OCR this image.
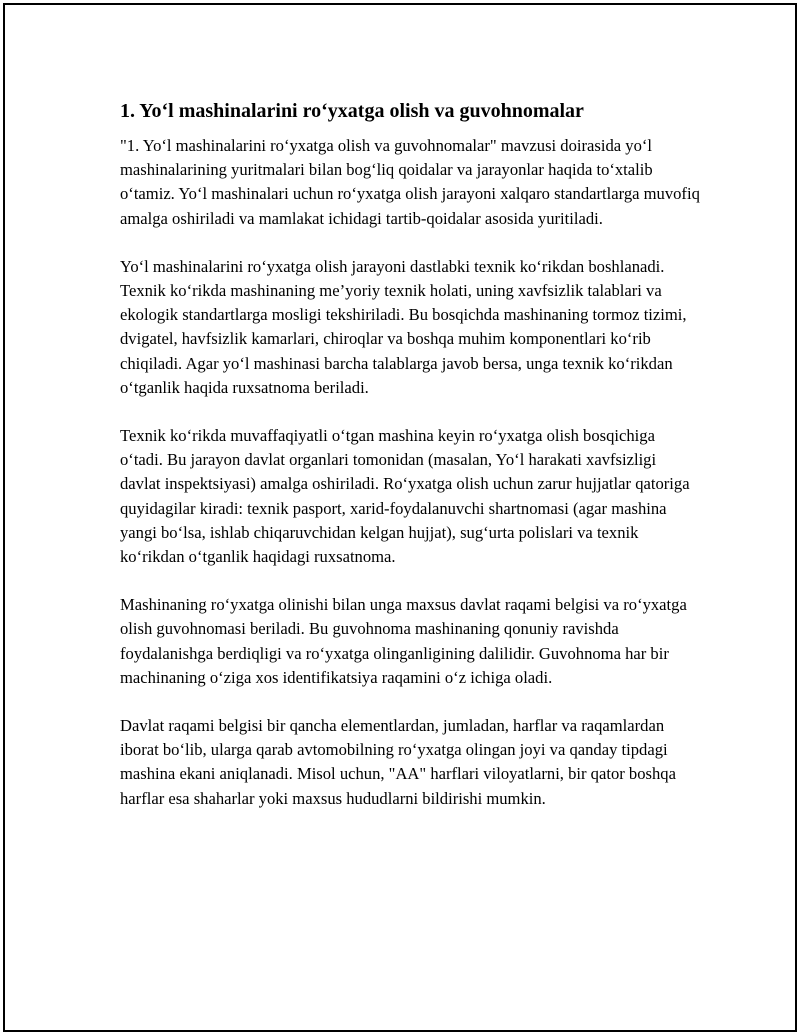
1. Yo‘l mashinalarini ro‘yxatga olish va guvohnomalar

"1. Yo‘l mashinalarini ro‘yxatga olish va guvohnomalar" mavzusi doirasida yo‘l mashinalarining yuritmalari bilan bog‘liq qoidalar va jarayonlar haqida to‘xtalib o‘tamiz. Yo‘l mashinalari uchun ro‘yxatga olish jarayoni xalqaro standartlarga muvofiq amalga oshiriladi va mamlakat ichidagi tartib-qoidalar asosida yuritiladi.

Yo‘l mashinalarini ro‘yxatga olish jarayoni dastlabki texnik ko‘rikdan boshlanadi. Texnik ko‘rikda mashinaning me’yoriy texnik holati, uning xavfsizlik talablari va ekologik standartlarga mosligi tekshiriladi. Bu bosqichda mashinaning tormoz tizimi, dvigatel, havfsizlik kamarlari, chiroqlar va boshqa muhim komponentlari ko‘rib chiqiladi. Agar yo‘l mashinasi barcha talablarga javob bersa, unga texnik ko‘rikdan o‘tganlik haqida ruxsatnoma beriladi.

Texnik ko‘rikda muvaffaqiyatli o‘tgan mashina keyin ro‘yxatga olish bosqichiga o‘tadi. Bu jarayon davlat organlari tomonidan (masalan, Yo‘l harakati xavfsizligi davlat inspektsiyasi) amalga oshiriladi. Ro‘yxatga olish uchun zarur hujjatlar qatoriga quyidagilar kiradi: texnik pasport, xarid-foydalanuvchi shartnomasi (agar mashina yangi bo‘lsa, ishlab chiqaruvchidan kelgan hujjat), sug‘urta polislari va texnik ko‘rikdan o‘tganlik haqidagi ruxsatnoma.

Mashinaning ro‘yxatga olinishi bilan unga maxsus davlat raqami belgisi va ro‘yxatga olish guvohnomasi beriladi. Bu guvohnoma mashinaning qonuniy ravishda foydalanishga berdiqligi va ro‘yxatga olinganligining dalilidir. Guvohnoma har bir machinaning o‘ziga xos identifikatsiya raqamini o‘z ichiga oladi.

Davlat raqami belgisi bir qancha elementlardan, jumladan, harflar va raqamlardan iborat bo‘lib, ularga qarab avtomobilning ro‘yxatga olingan joyi va qanday tipdagi mashina ekani aniqlanadi. Misol uchun, "AA" harflari viloyatlarni, bir qator boshqa harflar esa shaharlar yoki maxsus hududlarni bildirishi mumkin.
